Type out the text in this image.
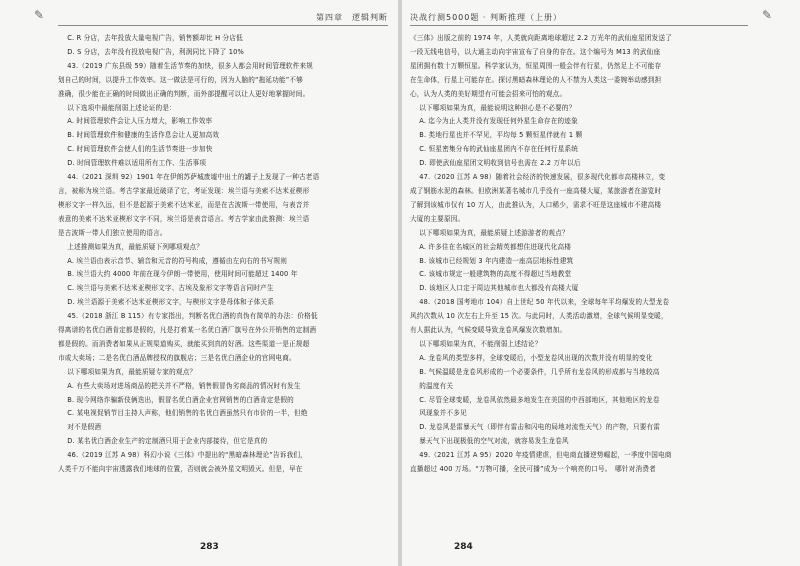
✎	第四章　逻辑判断

C. R 分店，去年投放大量电视广告，销售额却比 H 分店低

D. S 分店，去年没有投放电视广告，利润同比下降了 10%

43.（2019 广东县级 59）随着生活节奏的加快，很多人都会用时间管理软件来规

划自己的时间，以提升工作效率。这一做法是可行的，因为人脑的“拖延功能”不够

准确，很少能在正确的时间做出正确的判断，而外部提醒可以让人更好地掌握时间。

以下选项中最能削弱上述论证的是：

A. 时间管理软件会让人压力增大，影响工作效率

B. 时间管理软件和健康的生活作息会让人更加高效

C. 时间管理软件会使人们的生活节奏进一步加快

D. 时间管理软件难以适用所有工作、生活事项

44.（2021 深圳 92）1901 年在伊朗苏萨城废墟中出土的罐子上发现了一种古老语

言，被称为埃兰语。考古学家最近破译了它，考证发现：埃兰语与美索不达米亚楔形

楔形文字一样久远，但不是起源于美索不达米亚，而是在古波斯一带使用，与表音并

表意的美索不达米亚楔形文字不同，埃兰语是表音语言。考古学家由此推测：埃兰语

是古波斯一带人们独立使用的语言。

上述推测如果为真，最能质疑下列哪项观点？

A. 埃兰语由表示音节、辅音和元音的符号构成，遵循由左向右的书写规则

B. 埃兰语大约 4000 年前在现今伊朗一带使用，使用时间可能超过 1400 年

C. 埃兰语与美索不达米亚楔形文字、古埃及象形文字等语言同时产生

D. 埃兰语源于美索不达米亚楔形文字，与楔形文字是母体和子体关系

45.（2018 浙江 B 115）有专家指出，判断名优白酒的真伪有简单的办法：价格低

得离谱的名优白酒肯定都是假的，凡是打着某一名优白酒厂旗号在外公开销售的定制酒

都是假的。而消费者如果从正规渠道购买，就能买到真的好酒。这些渠道一是正规超

市或大卖场；二是名优白酒品牌授权的旗舰店；三是名优白酒企业的官网电商。

以下哪项如果为真，最能质疑专家的观点？

A. 有些大卖场对进场商品的把关并不严格，销售假冒伪劣商品的情况时有发生

B. 现今网络诈骗新伎俩迭出，假冒名优白酒企业官网销售的白酒肯定是假的

C. 某电视促销节目主持人声称，他们销售的名优白酒虽然只有市价的一半，但绝

对不是假酒

D. 某名优白酒企业生产的定制酒只用于企业内部接待，但它是真的

46.（2019 江苏 A 98）科幻小说《三体》中提出的“黑暗森林理论”告诉我们，

人类千万不能向宇宙透露我们地球的位置，否则就会被外星文明毁灭。但是，早在

283
✎
决战行测5000题 · 判断推理（上册）

《三体》出版之前的 1974 年，人类就向距离地球超过 2.2 万光年的武仙座星团发送了

一段无线电信号，以大通主动向宇宙宣布了自身的存在。这个编号为 M13 的武仙座

星团拥有数十万颗恒星。科学家认为，恒星周围一般会伴有行星，仍然足上不可能存

在生命体，行星上可能存在。探讨黑暗森林理论的人不禁为人类这一委婉举动感到担

心，认为人类的美好期望有可能会招来可怕的观点。

以下哪项如果为真，最能说明这种担心是不必要的？

A. 迄今为止人类并没有发现任何外星生命存在的迹象

B. 类地行星也并不罕见，平均每 5 颗恒星伴就有 1 颗

C. 恒星密集分布的武仙座星团内不存在任何行星系统

D. 即使武仙座星团文明收到信号也需在 2.2 万年以后

47.（2020 江苏 A 98）随着社会经济的快速发展，很多现代化都市高楼林立，变

成了钢筋水泥的森林。但欧洲某著名城市几乎没有一座高楼大厦，某旅游者在游览时

了解到该城市仅有 10 万人，由此推认为，人口稀少，需求不旺是这座城市不建高楼

大厦的主要原因。

以下哪项如果为真，最能质疑上述游游者的观点？

A. 许多住在名城区的社会精英都想住进现代化高楼

B. 该城市已经规划 3 年内建造一座高层地标性建筑

C. 该城市规定一般建筑物的高度不得超过当地教堂

D. 该地区人口定于周边其他城市也大都没有高楼大厦

48.（2018 国考地市 104）自上世纪 50 年代以来，全球每年平均爆发的大型龙卷

风约次数从 10 次左右上升至 15 次。与此同时，人类活动激增，全球气候明显变暖，

有人据此认为，气候变暖导致龙卷风爆发次数增加。

以下哪项如果为真，不能削弱上述结论？

A. 龙卷风的类型多样，全球变暖后，小型龙卷风出现的次数并没有明显的变化

B. 气候温暖是龙卷风形成的一个必要条件，几乎所有龙卷风的形成都与当地较高

的温度有关

C. 尽管全球变暖，龙卷风依然最多地发生在美国的中西部地区，其他地区的龙卷

风现象并不多见

D. 龙卷风是雷暴天气（即伴有雷击和闪电的局地对流性天气）的产物，只要有雷

暴天气下出现极低的空气对流，就容易发生龙卷风

49.（2021 江苏 A 95）2020 年疫情建虐，但电商直播逆势崛起，一季度中国电商

直播超过 400 万场。“万物可播，全民可播”成为一个响亮的口号。　哪针对消费者

284
